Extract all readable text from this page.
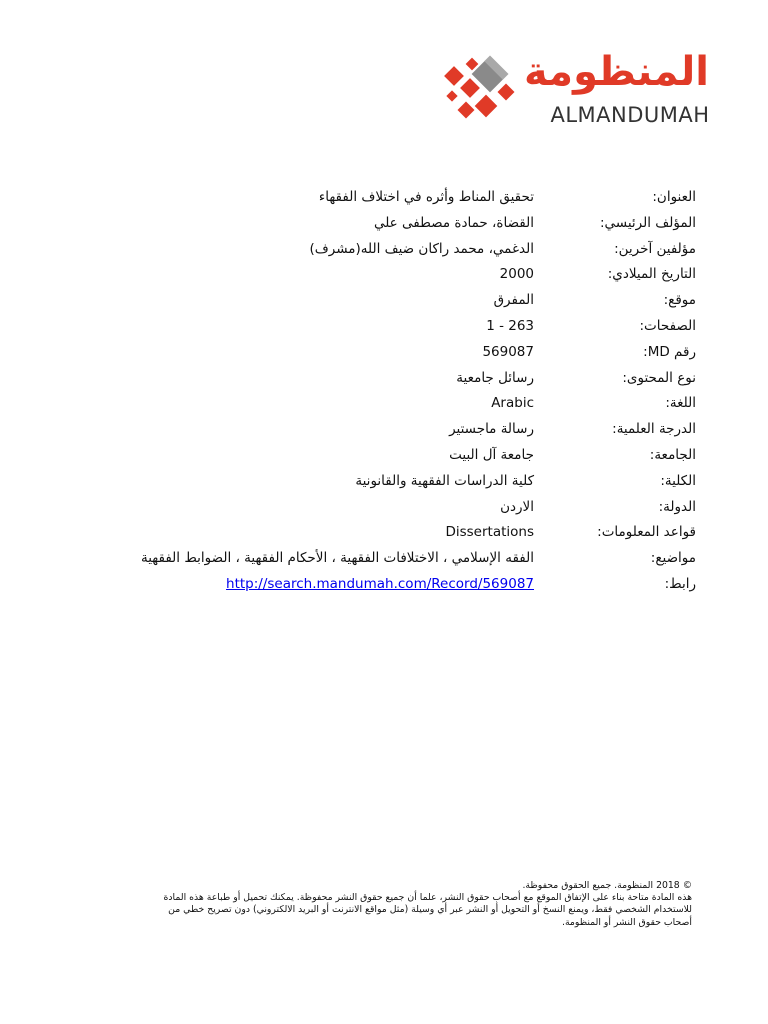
المنظومة
ALMANDUMAH
العنوان:
تحقيق المناط وأثره في اختلاف الفقهاء
المؤلف الرئيسي:
القضاة، حمادة مصطفى علي
مؤلفين آخرين:
الدغمي، محمد راكان ضيف الله(مشرف)
التاريخ الميلادي:
2000
موقع:
المفرق
الصفحات:
1 - 263
رقم MD:
569087
نوع المحتوى:
رسائل جامعية
اللغة:
Arabic
الدرجة العلمية:
رسالة ماجستير
الجامعة:
جامعة آل البيت
الكلية:
كلية الدراسات الفقهية والقانونية
الدولة:
الاردن
قواعد المعلومات:
Dissertations
مواضيع:
الفقه الإسلامي ، الاختلافات الفقهية ، الأحكام الفقهية ، الضوابط الفقهية
رابط:
http://search.mandumah.com/Record/569087
© 2018 المنظومة. جميع الحقوق محفوظة.
هذه المادة متاحة بناء على الإتفاق الموقع مع أصحاب حقوق النشر، علما أن جميع حقوق النشر محفوظة. يمكنك تحميل أو طباعة هذه المادة
للاستخدام الشخصي فقط، ويمنع النسخ أو التحويل أو النشر عبر أي وسيلة (مثل مواقع الانترنت أو البريد الالكتروني) دون تصريح خطي من
أصحاب حقوق النشر أو المنظومة.
